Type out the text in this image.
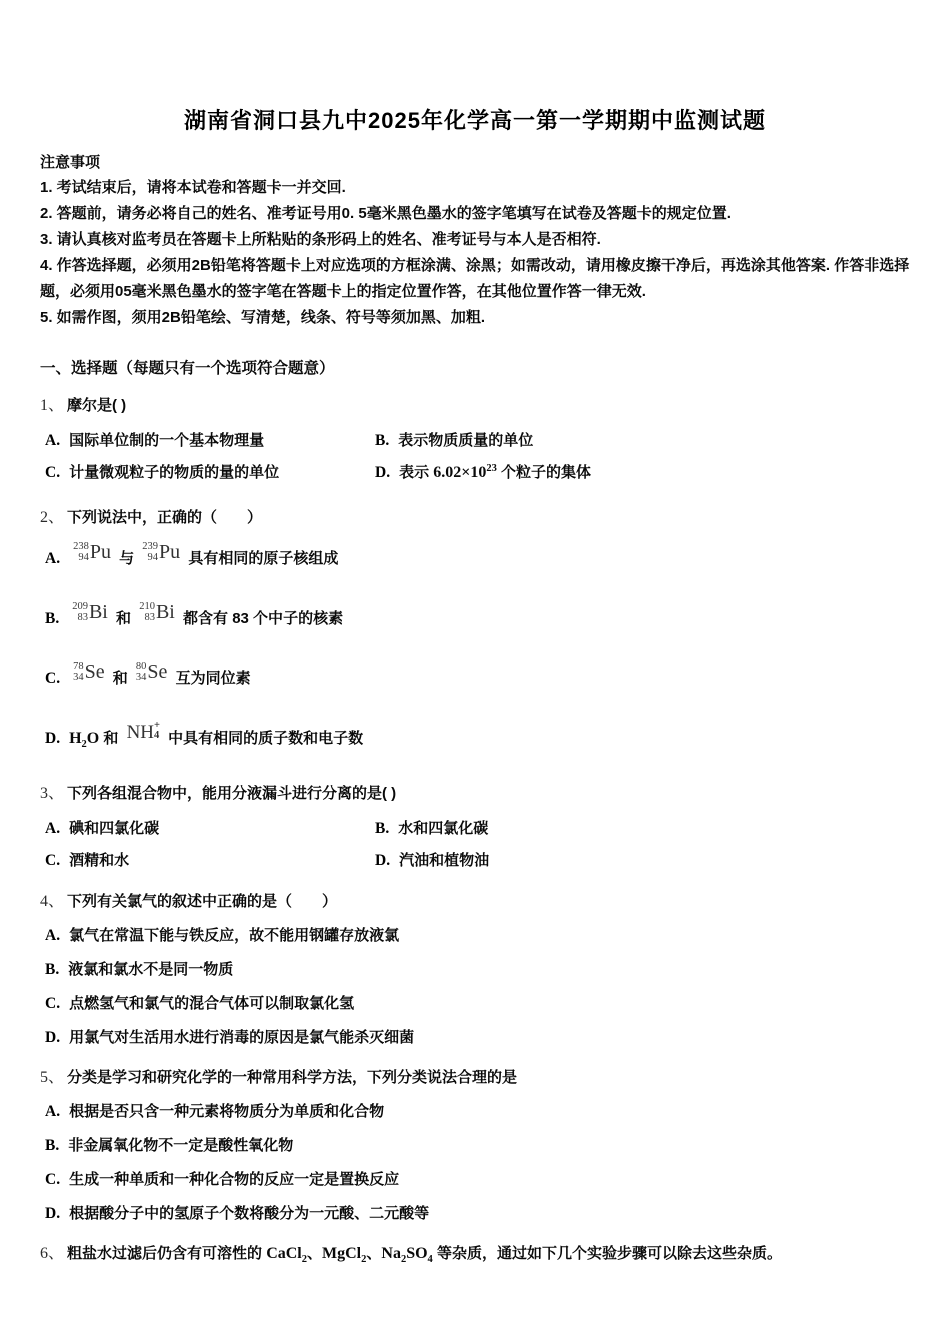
湖南省洞口县九中2025年化学高一第一学期期中监测试题

注意事项

1. 考试结束后，请将本试卷和答题卡一并交回.

2. 答题前，请务必将自己的姓名、准考证号用0. 5毫米黑色墨水的签字笔填写在试卷及答题卡的规定位置.

3. 请认真核对监考员在答题卡上所粘贴的条形码上的姓名、准考证号与本人是否相符.

4. 作答选择题，必须用2B铅笔将答题卡上对应选项的方框涂满、涂黑；如需改动，请用橡皮擦干净后，再选涂其他答案. 作答非选择题，必须用05毫米黑色墨水的签字笔在答题卡上的指定位置作答，在其他位置作答一律无效.

5. 如需作图，须用2B铅笔绘、写清楚，线条、符号等须加黑、加粗.

一、选择题（每题只有一个选项符合题意）

1、 摩尔是( )

A. 国际单位制的一个基本物理量	B. 表示物质质量的单位

C. 计量微观粒子的物质的量的单位	D. 表示 $6.02\times 10^{23}$ 个粒子的集体

2、 下列说法中，正确的（　　）

A.
238
94 Pu 与
239
94 Pu 具有相同的原子核组成

B.
209
83 Bi 和
210
83 Bi 都含有 83 个中子的核素

C.
78
34 Se 和
80
34 Se 互为同位素

D. $H_2O$ 和 NH +
4 中具有相同的质子数和电子数

3、 下列各组混合物中，能用分液漏斗进行分离的是( )

A. 碘和四氯化碳	B. 水和四氯化碳

C. 酒精和水	D. 汽油和植物油

4、 下列有关氯气的叙述中正确的是（　　）

A. 氯气在常温下能与铁反应，故不能用钢罐存放液氯

B. 液氯和氯水不是同一物质

C. 点燃氢气和氯气的混合气体可以制取氯化氢

D. 用氯气对生活用水进行消毒的原因是氯气能杀灭细菌

5、 分类是学习和研究化学的一种常用科学方法，下列分类说法合理的是

A. 根据是否只含一种元素将物质分为单质和化合物

B. 非金属氧化物不一定是酸性氧化物

C. 生成一种单质和一种化合物的反应一定是置换反应

D. 根据酸分子中的氢原子个数将酸分为一元酸、二元酸等

6、 粗盐水过滤后仍含有可溶性的 CaCl$_2$、MgCl$_2$、$Na_2SO_4$ 等杂质，通过如下几个实验步骤可以除去这些杂质。
